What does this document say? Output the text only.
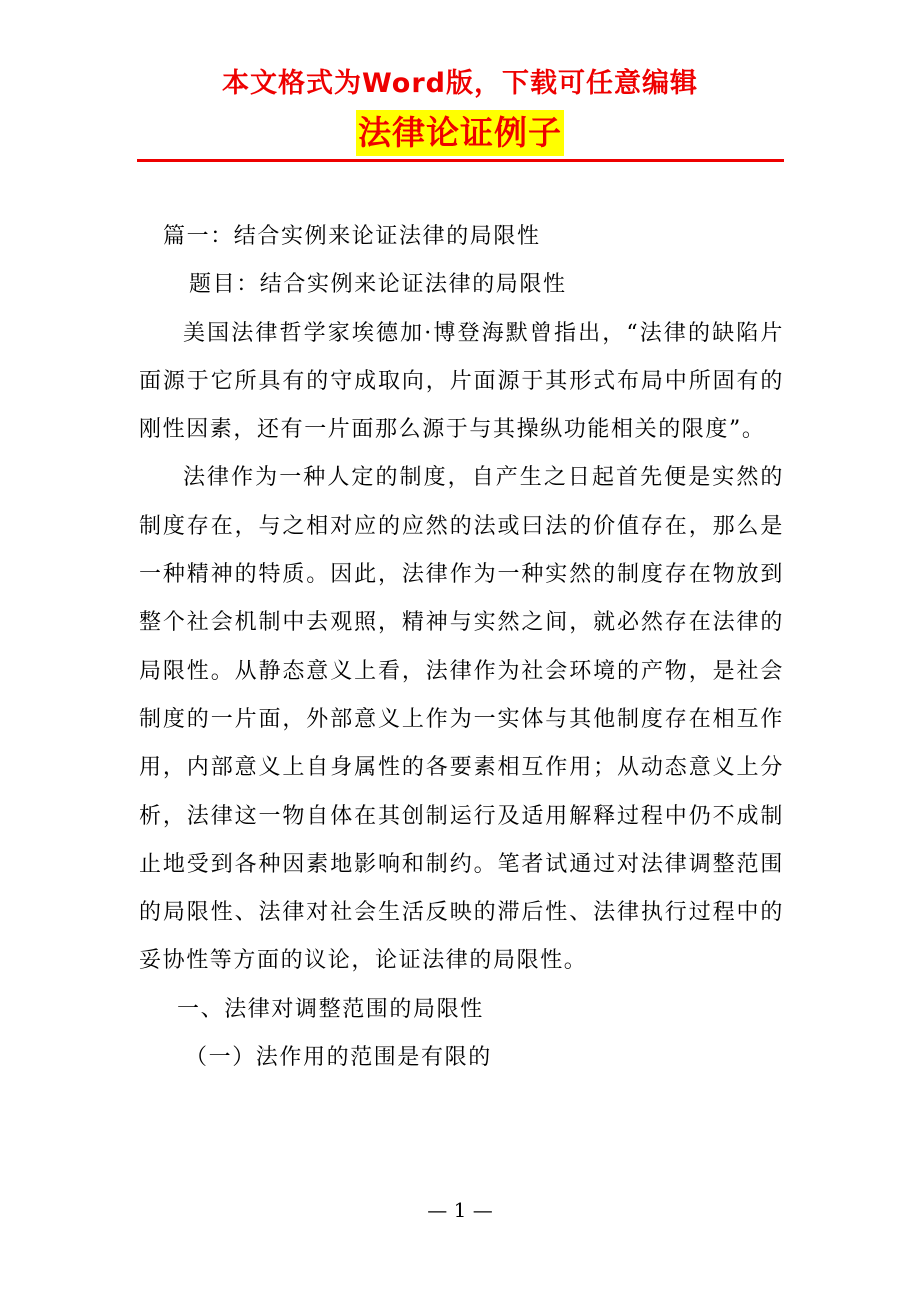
本文格式为Word版，下载可任意编辑
法律论证例子

篇一：结合实例来论证法律的局限性

题目：结合实例来论证法律的局限性

美国法律哲学家埃德加·博登海默曾指出，“法律的缺陷片面源于它所具有的守成取向，片面源于其形式布局中所固有的刚性因素，还有一片面那么源于与其操纵功能相关的限度”。

法律作为一种人定的制度，自产生之日起首先便是实然的制度存在，与之相对应的应然的法或曰法的价值存在，那么是一种精神的特质。因此，法律作为一种实然的制度存在物放到整个社会机制中去观照，精神与实然之间，就必然存在法律的局限性。从静态意义上看，法律作为社会环境的产物，是社会制度的一片面，外部意义上作为一实体与其他制度存在相互作用，内部意义上自身属性的各要素相互作用；从动态意义上分析，法律这一物自体在其创制运行及适用解释过程中仍不成制止地受到各种因素地影响和制约。笔者试通过对法律调整范围的局限性、法律对社会生活反映的滞后性、法律执行过程中的妥协性等方面的议论，论证法律的局限性。

一、法律对调整范围的局限性

（一）法作用的范围是有限的

— 1 —
